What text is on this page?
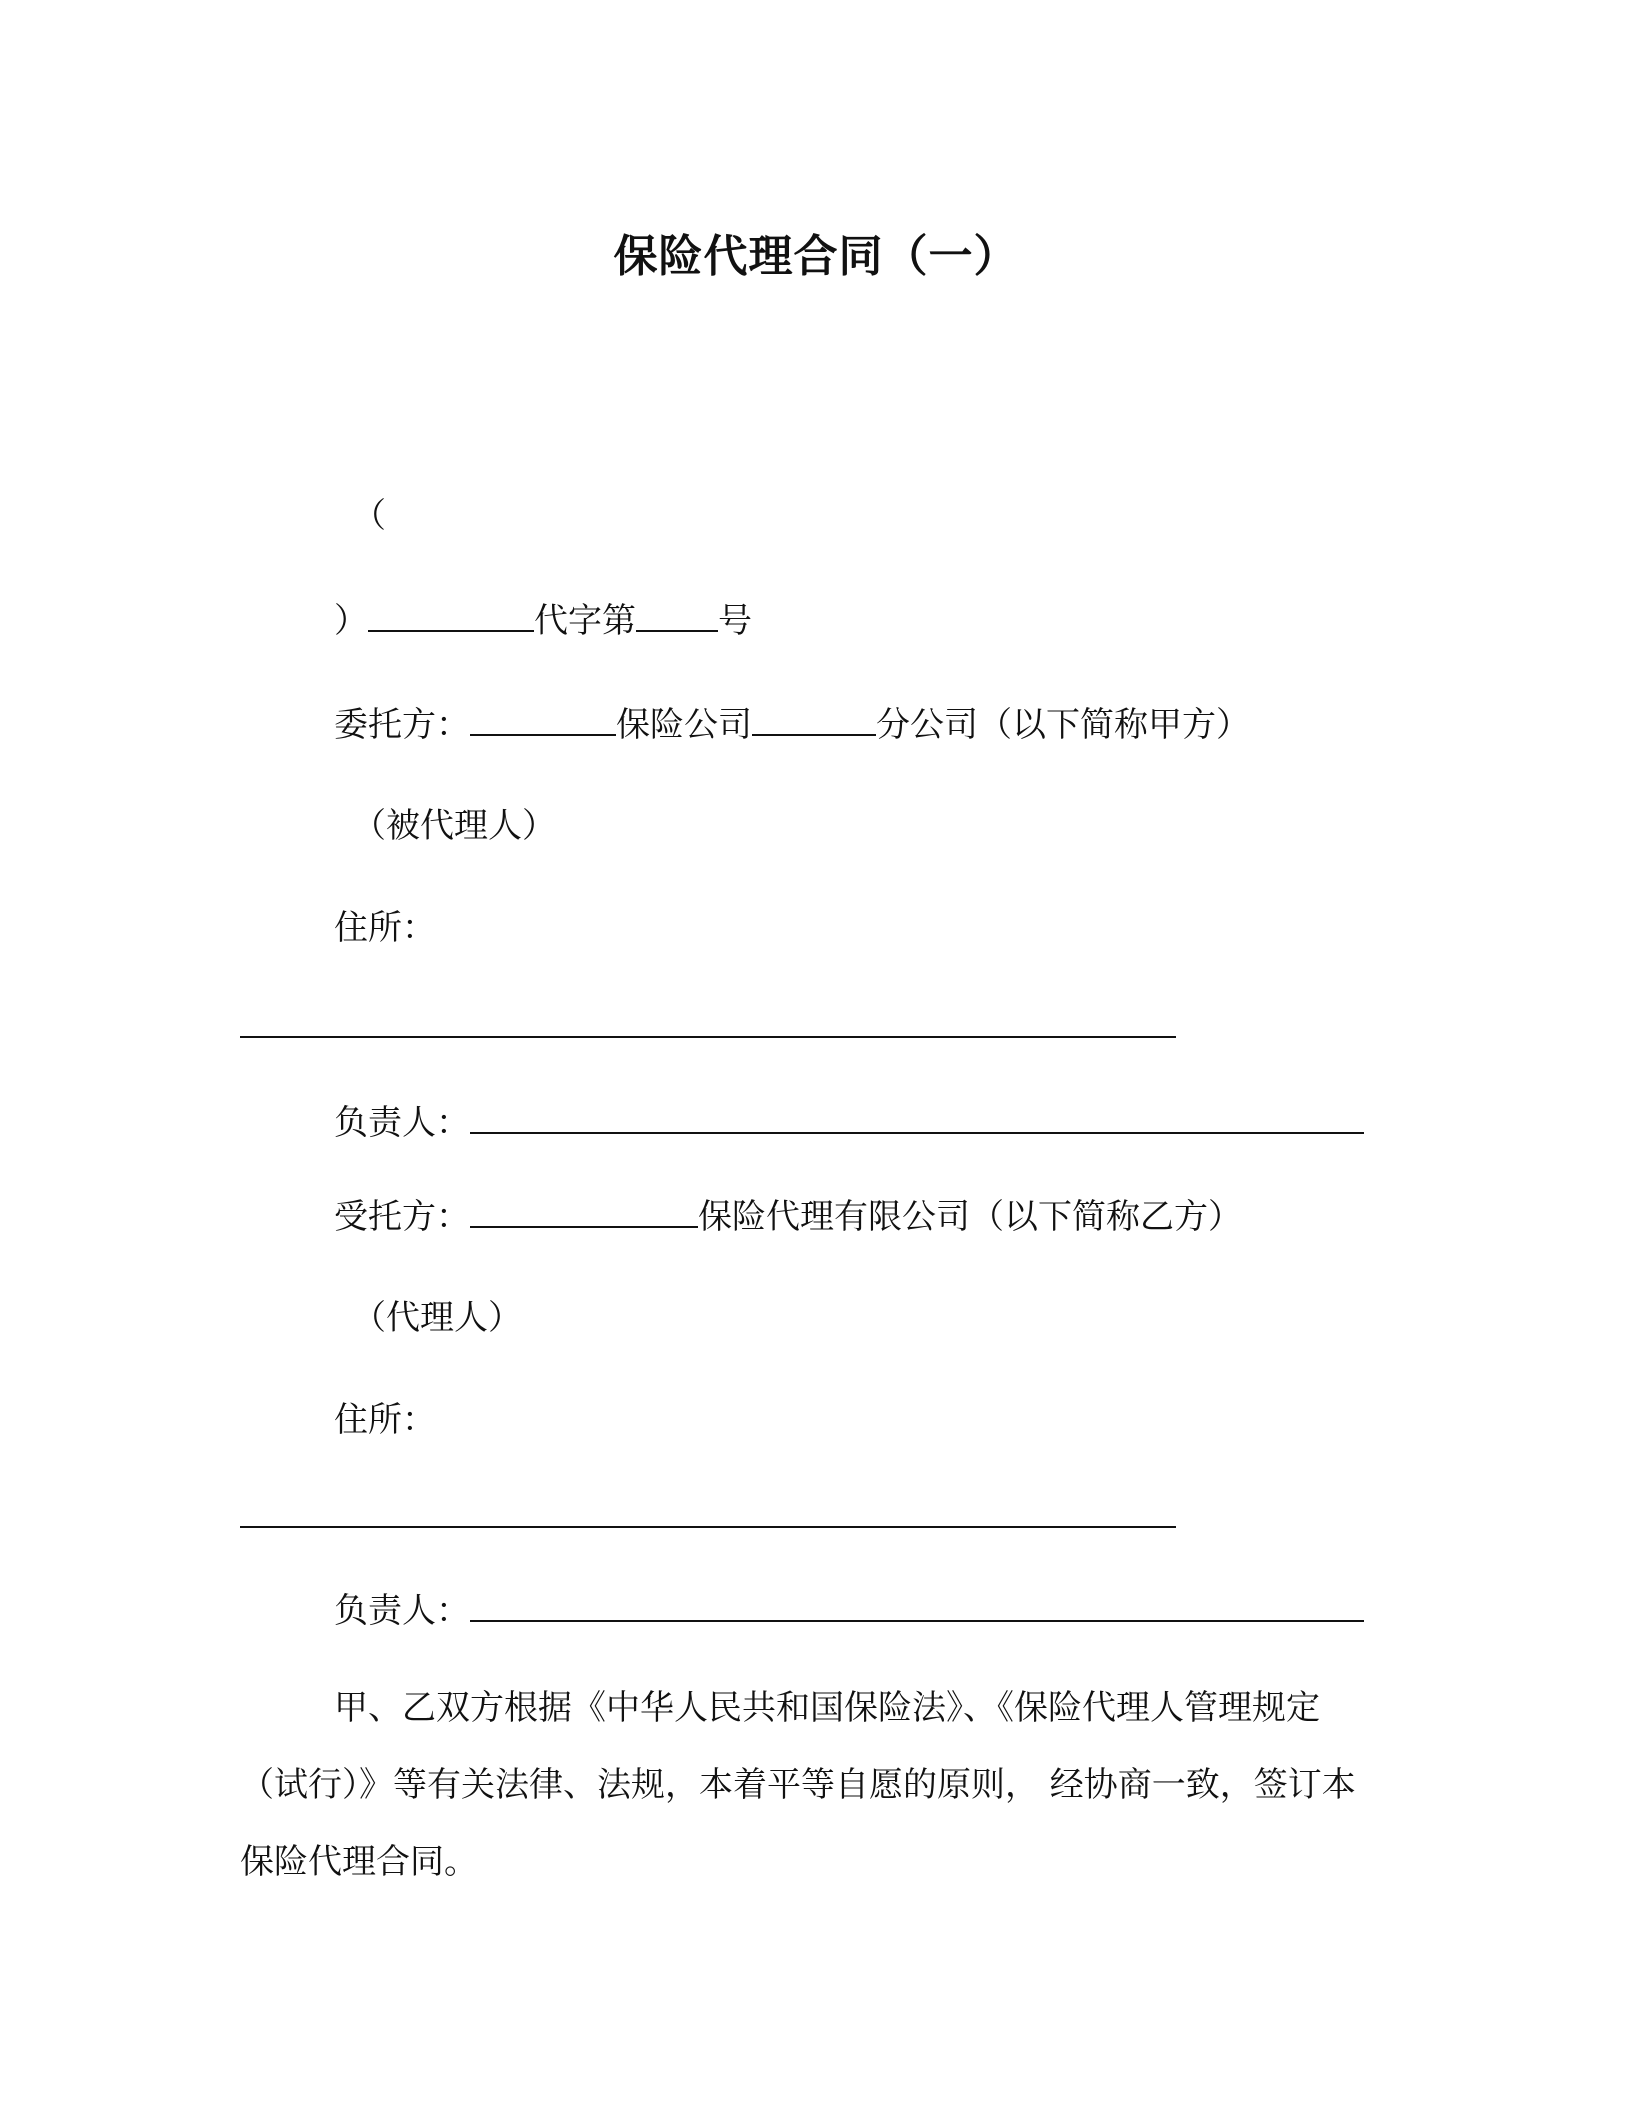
保险代理合同（一）
（
）	代字第 号
委托方：	保险公司	分公司（以下简称甲方）
（被代理人）
住所：
负责人：
受托方：	保险代理有限公司（以下简称乙方）
（代理人）
住所：
负责人：
甲、乙双方根据《中华人民共和国保险法》、《保险代理人管理规定（试行）》等有关法律、法规，本着平等自愿的原则， 经协商一致，签订本保险代理合同。
